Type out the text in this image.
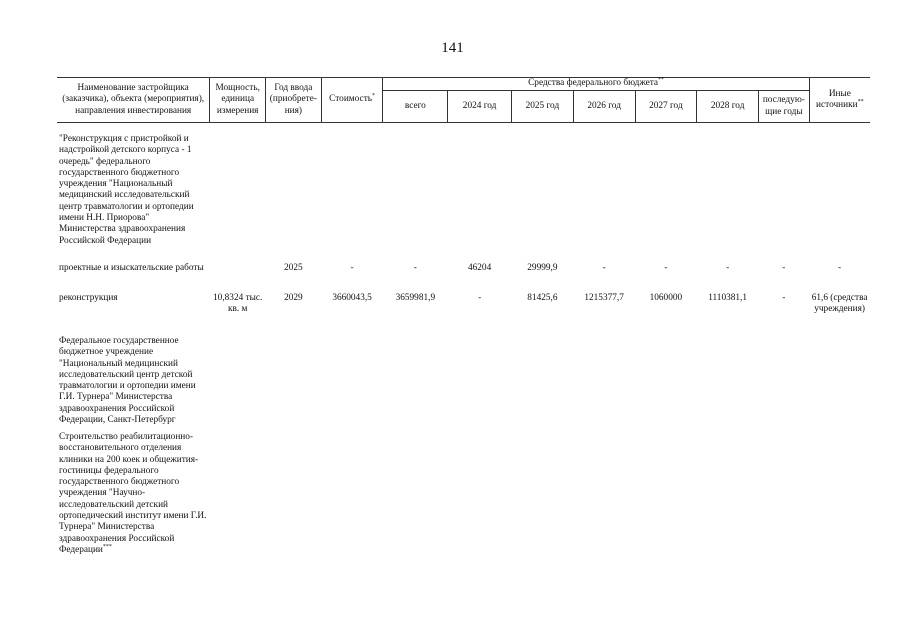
141
Наименование застройщика (заказчика), объекта (мероприятия), направления инвестирования	Мощность, единица измерения	Год ввода (приобрете-ния)	Стоимость*	Средства федерального бюджета**							Иные источники**
				всего	2024 год	2025 год	2026 год	2027 год	2028 год	последую-щие годы	
"Реконструкция с пристройкой и надстройкой детского корпуса - 1 очередь" федерального государственного бюджетного учреждения "Национальный медицинский исследовательский центр травматологии и ортопедии имени Н.Н. Приорова" Министерства здравоохранения Российской Федерации											
проектные и изыскательские работы		2025	-	-	46204	29999,9	-	-	-	-	-
реконструкция	10,8324 тыс. кв. м	2029	3660043,5	3659981,9	-	81425,6	1215377,7	1060000	1110381,1	-	61,6 (средства учреждения)
Федеральное государственное бюджетное учреждение "Национальный медицинский исследовательский центр детской травматологии и ортопедии имени Г.И. Турнера" Министерства здравоохранения Российской Федерации, Санкт-Петербург											
Строительство реабилитационно-восстановительного отделения клиники на 200 коек и общежития-гостиницы федерального государственного бюджетного учреждения "Научно-исследовательский детский ортопедический институт имени Г.И. Турнера" Министерства здравоохранения Российской Федерации***											
